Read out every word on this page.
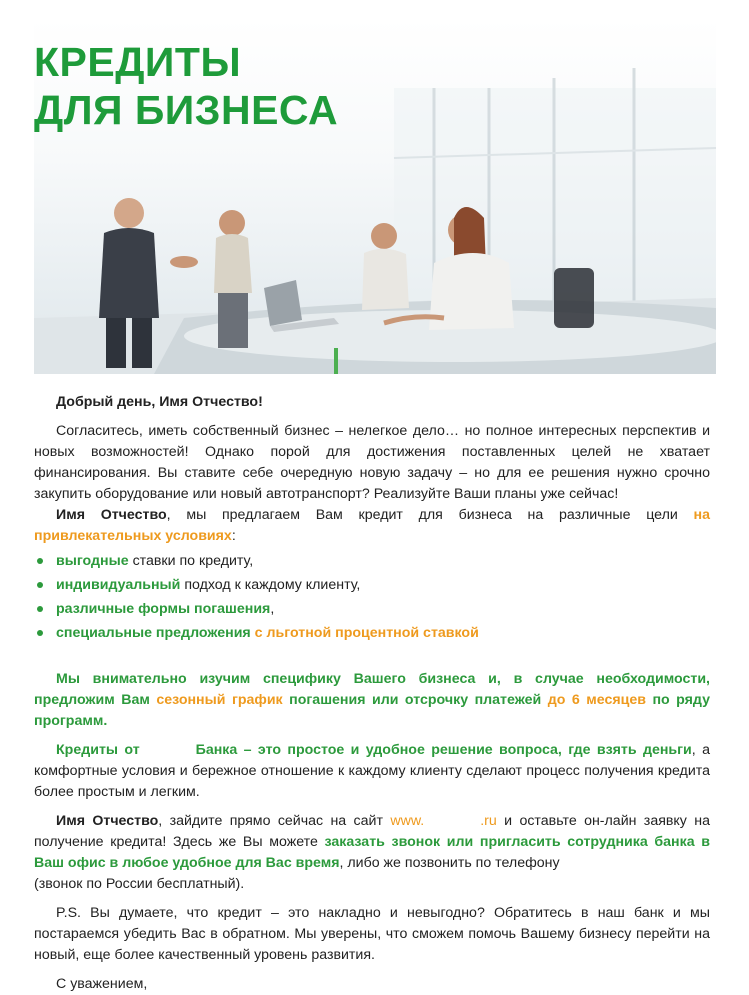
КРЕДИТЫ
ДЛЯ БИЗНЕСА

Добрый день, Имя Отчество!

Согласитесь, иметь собственный бизнес – нелегкое дело… но полное интересных перспектив и новых возможностей! Однако порой для достижения поставленных целей не хватает финансирования. Вы ставите себе очередную новую задачу – но для ее решения нужно срочно закупить оборудование или новый автотранспорт? Реализуйте Ваши планы уже сейчас!

Имя Отчество, мы предлагаем Вам кредит для бизнеса на различные цели на привлекательных условиях:

выгодные ставки по кредиту,
индивидуальный подход к каждому клиенту,
различные формы погашения,
специальные предложения с льготной процентной ставкой

Мы внимательно изучим специфику Вашего бизнеса и, в случае необходимости, предложим Вам сезонный график погашения или отсрочку платежей до 6 месяцев по ряду программ.

Кредиты от	Банка – это простое и удобное решение вопроса, где взять деньги, а комфортные условия и бережное отношение к каждому клиенту сделают процесс получения кредита более простым и легким.

Имя Отчество, зайдите прямо сейчас на сайт www.	.ru и оставьте он-лайн заявку на получение кредита! Здесь же Вы можете заказать звонок или пригласить сотрудника банка в Ваш офис в любое удобное для Вас время, либо же позвонить по телефону
(звонок по России бесплатный).

P.S. Вы думаете, что кредит – это накладно и невыгодно? Обратитесь в наш банк и мы постараемся убедить Вас в обратном. Мы уверены, что сможем помочь Вашему бизнесу перейти на новый, еще более качественный уровень развития.

С уважением,
